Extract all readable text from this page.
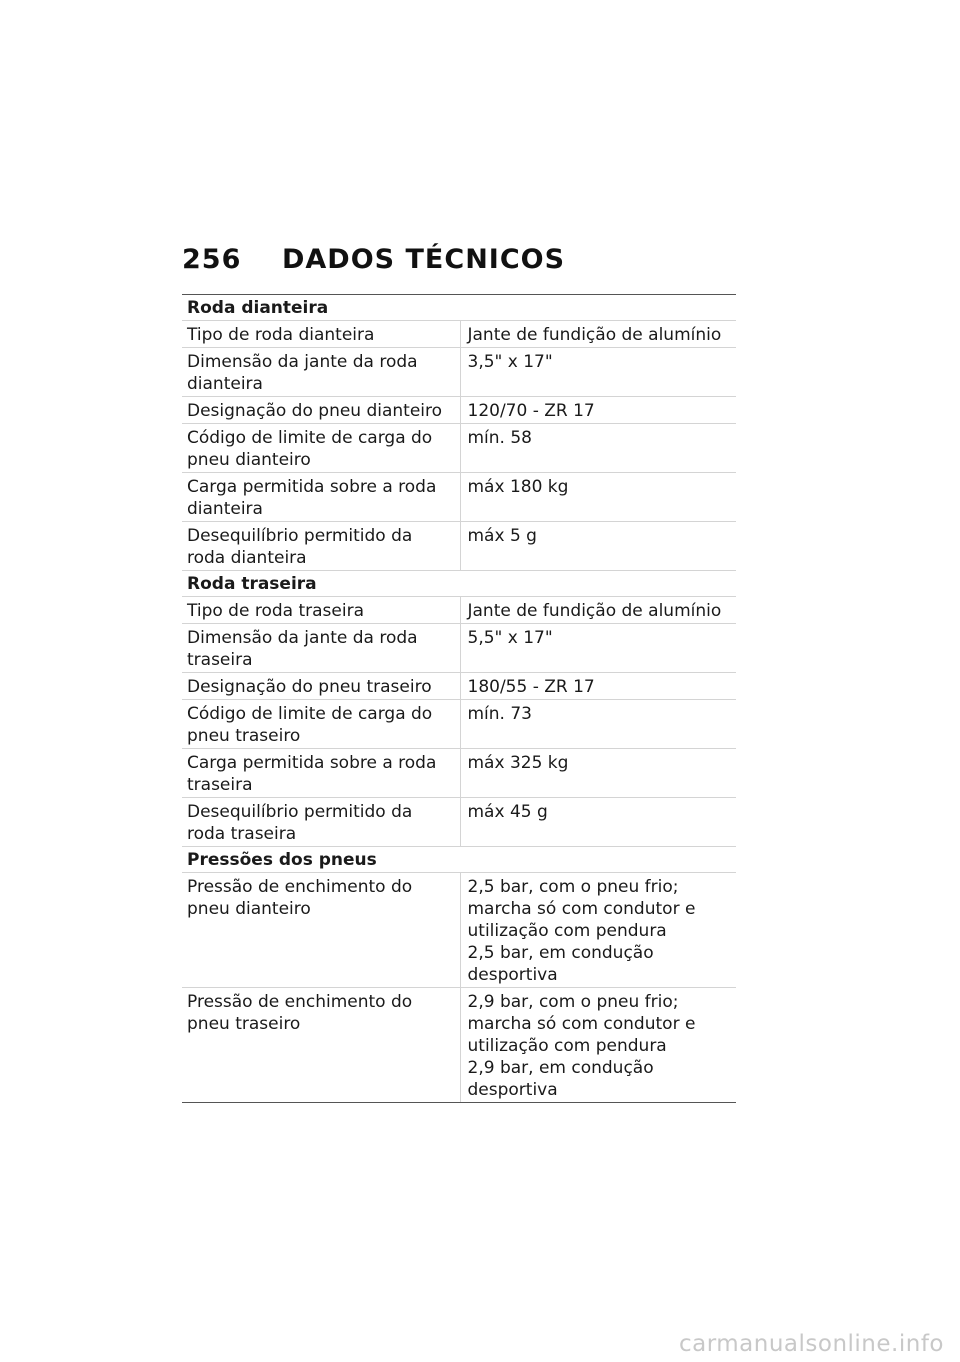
256 DADOS TÉCNICOS
Roda dianteira	
Tipo de roda dianteira	Jante de fundição de alumínio

Dimensão da jante da roda dianteira	3,5" x 17"

Designação do pneu dianteiro	120/70 - ZR 17

Código de limite de carga do pneu dianteiro	mín. 58

Carga permitida sobre a roda dianteira	máx 180 kg

Desequilíbrio permitido da roda dianteira	máx 5 g

Roda traseira	
Tipo de roda traseira	Jante de fundição de alumínio

Dimensão da jante da roda traseira	5,5" x 17"

Designação do pneu traseiro	180/55 - ZR 17

Código de limite de carga do pneu traseiro	mín. 73

Carga permitida sobre a roda traseira	máx 325 kg

Desequilíbrio permitido da roda traseira	máx 45 g

Pressões dos pneus	
Pressão de enchimento do pneu dianteiro	2,5 bar, com o pneu frio; marcha só com condutor e utilização com pendura
2,5 bar, em condução desportiva

Pressão de enchimento do pneu traseiro	2,9 bar, com o pneu frio; marcha só com condutor e utilização com pendura
2,9 bar, em condução desportiva
carmanualsonline.info
